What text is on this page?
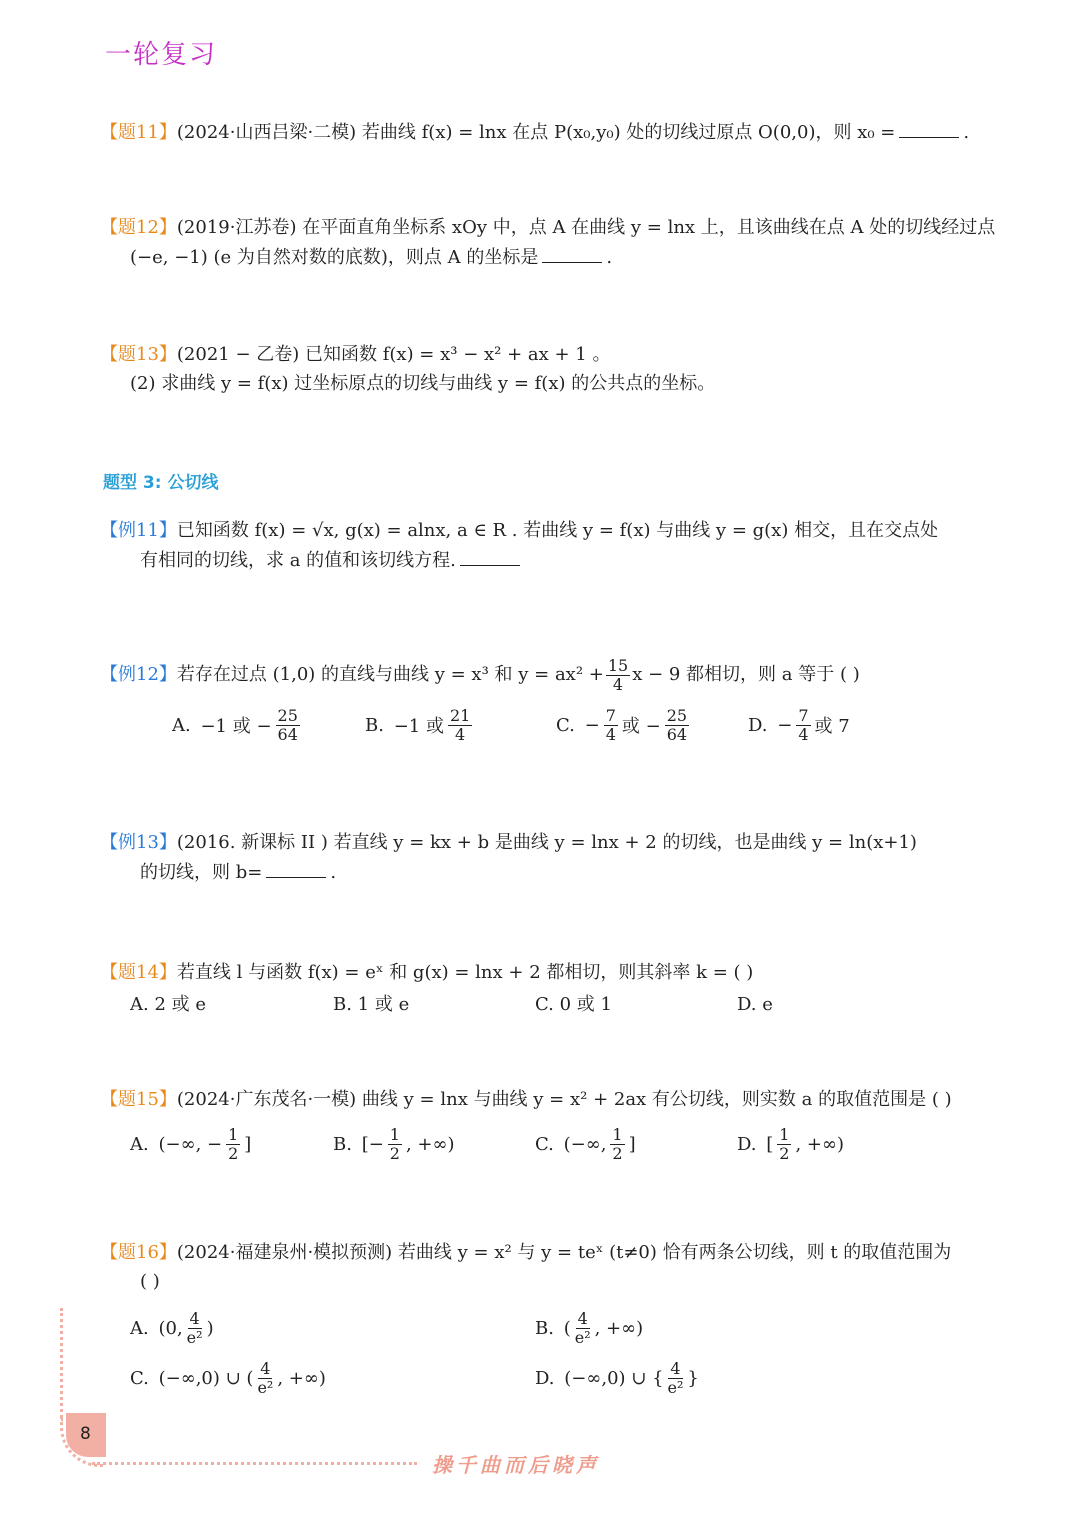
一轮复习
【题11】(2024·山西吕梁·二模) 若曲线 f(x) = lnx 在点 P(x₀,y₀) 处的切线过原点 O(0,0)，则 x₀ =	.
【题12】(2019·江苏卷) 在平面直角坐标系 xOy 中，点 A 在曲线 y = lnx 上，且该曲线在点 A 处的切线经过点
(−e, −1) (e 为自然对数的底数)，则点 A 的坐标是	.
【题13】(2021 − 乙卷) 已知函数 f(x) = x³ − x² + ax + 1 。
(2) 求曲线 y = f(x) 过坐标原点的切线与曲线 y = f(x) 的公共点的坐标。
题型 3: 公切线
【例11】已知函数 f(x) = √x, g(x) = alnx, a ∈ R . 若曲线 y = f(x) 与曲线 y = g(x) 相交，且在交点处
有相同的切线，求 a 的值和该切线方程.
【例12】 若存在过点 (1,0) 的直线与曲线 y = x³ 和 $y = ax^2 + \frac{15}{4}$ x − 9 都相切，则 a 等于 ( )
A.
−1 或 − $\frac{25}{64}$	B.
−1 或 $\frac{21}{4}$	C.
− $\frac{7}{4}$ 或 − $\frac{25}{64}$	D.
− $\frac{7}{4}$ 或 7
【例13】(2016. 新课标 II ) 若直线 y = kx + b 是曲线 y = lnx + 2 的切线，也是曲线 y = ln(x+1)
的切线，则 b=	.
【题14】若直线 l 与函数 f(x) = eˣ 和 g(x) = lnx + 2 都相切，则其斜率 k = ( )
A. 2 或 e	B. 1 或 e	C. 0 或 1	D. e
【题15】(2024·广东茂名·一模) 曲线 y = lnx 与曲线 y = x² + 2ax 有公切线，则实数 a 的取值范围是 ( )
A.
(−∞, − $\frac{1}{2}$ ]	B.
[− $\frac{1}{2}$ , +∞)	C.
(−∞, $\frac{1}{2}$ ]	D.
[ $\frac{1}{2}$ , +∞)
【题16】(2024·福建泉州·模拟预测) 若曲线 y = x² 与 y = teˣ (t≠0) 恰有两条公切线，则 t 的取值范围为
( )
A.
(0, $\frac{4}{\text{e²}}$ )	B.
( $\frac{4}{\text{e²}}$ , +∞)
C.
(−∞,0) ∪ ( $\frac{4}{\text{e²}}$ , +∞)	D.
(−∞,0) ∪ { $\frac{4}{\text{e²}}$ }
8
操千曲而后晓声
